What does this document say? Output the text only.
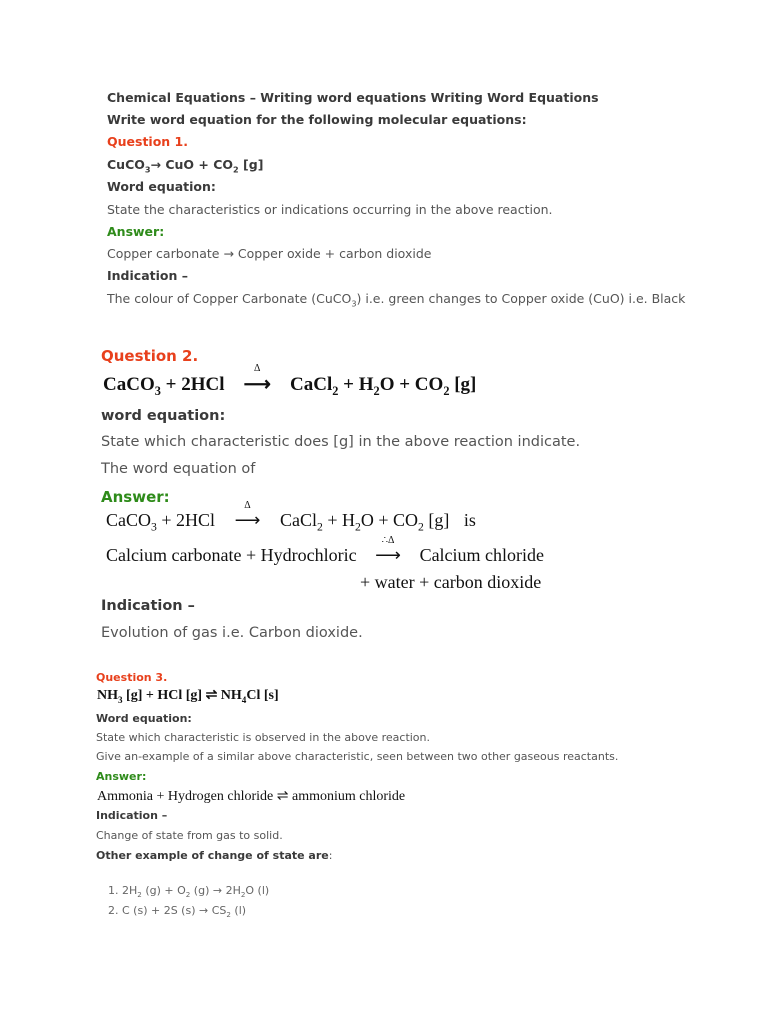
Chemical Equations – Writing word equations Writing Word Equations
Write word equation for the following molecular equations:
Question 1.
CuCO$_3$→ CuO + $CO_2$ [g]
Word equation:
State the characteristics or indications occurring in the above reaction.
Answer:
Copper carbonate → Copper oxide + carbon dioxide
Indication –
The colour of Copper Carbonate (CuCO$_3$) i.e. green changes to Copper oxide (CuO) i.e. Black
Question 2.
CaCO$_3$ + 2HCl
Δ
⟶ CaCl$_2$ + $H_2O + CO_2$ [g]
word equation:
State which characteristic does [g] in the above reaction indicate.
The word equation of
Answer:
CaCO$_3$ + 2HCl
Δ
⟶ CaCl$_2$ + $H_2O + CO_2$ [g] is
Calcium carbonate + Hydrochloric
∴Δ
⟶ Calcium chloride
+ water + carbon dioxide
Indication –
Evolution of gas i.e. Carbon dioxide.
Question 3.
$NH_3$ [g] + HCl [g] ⇌ $NH_4Cl$ [s]
Word equation:
State which characteristic is observed in the above reaction.
Give an-example of a similar above characteristic, seen between two other gaseous reactants.
Answer:
Ammonia + Hydrogen chloride ⇌ ammonium chloride
Indication –
Change of state from gas to solid.
Other example of change of state are:
1. $2H_2$ $(g) + O_2$ $(g) \to 2H_2O$ (l)
2. C (s) + 2S $(s) \to CS_2$ (l)
